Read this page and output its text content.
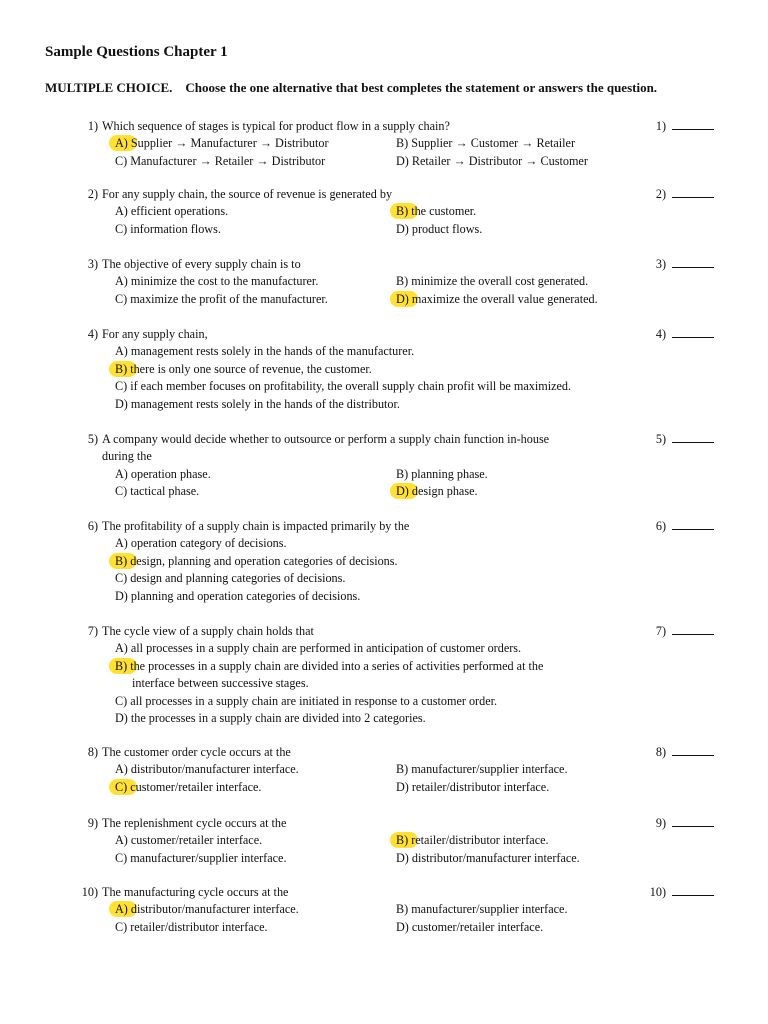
Sample Questions Chapter 1
MULTIPLE CHOICE.    Choose the one alternative that best completes the statement or answers the question.
1) Which sequence of stages is typical for product flow in a supply chain?	1)
A) Supplier → Manufacturer → Distributor	B) Supplier → Customer → Retailer
C) Manufacturer → Retailer → Distributor	D) Retailer → Distributor → Customer
2) For any supply chain, the source of revenue is generated by	2)
A) efficient operations.	B) the customer.
C) information flows.	D) product flows.
3) The objective of every supply chain is to	3)
A) minimize the cost to the manufacturer.	B) minimize the overall cost generated.
C) maximize the profit of the manufacturer.	D) maximize the overall value generated.
4) For any supply chain,	4)
A) management rests solely in the hands of the manufacturer.
B) there is only one source of revenue, the customer.
C) if each member focuses on profitability, the overall supply chain profit will be maximized.
D) management rests solely in the hands of the distributor.
5) A company would decide whether to outsource or perform a supply chain function in-house
during the
5)
A) operation phase.	B) planning phase.
C) tactical phase.	D) design phase.
6) The profitability of a supply chain is impacted primarily by the	6)
A) operation category of decisions.
B) design, planning and operation categories of decisions.
C) design and planning categories of decisions.
D) planning and operation categories of decisions.
7) The cycle view of a supply chain holds that	7)
A) all processes in a supply chain are performed in anticipation of customer orders.
B) the processes in a supply chain are divided into a series of activities performed at the
interface between successive stages.
C) all processes in a supply chain are initiated in response to a customer order.
D) the processes in a supply chain are divided into 2 categories.
8) The customer order cycle occurs at the	8)
A) distributor/manufacturer interface.	B) manufacturer/supplier interface.
C) customer/retailer interface.	D) retailer/distributor interface.
9) The replenishment cycle occurs at the	9)
A) customer/retailer interface.	B) retailer/distributor interface.
C) manufacturer/supplier interface.	D) distributor/manufacturer interface.
10) The manufacturing cycle occurs at the	10)
A) distributor/manufacturer interface.	B) manufacturer/supplier interface.
C) retailer/distributor interface.	D) customer/retailer interface.
